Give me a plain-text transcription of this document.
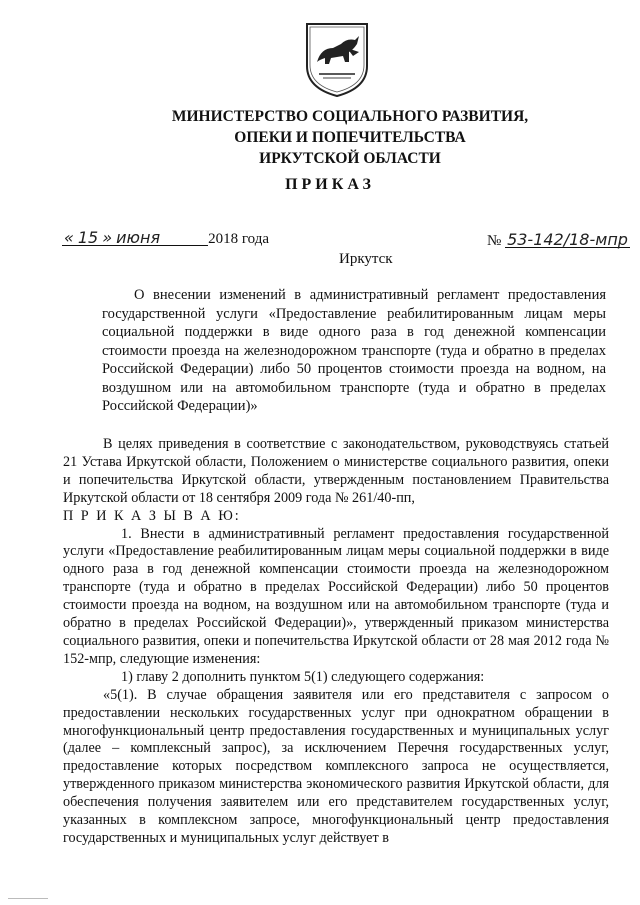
МИНИСТЕРСТВО СОЦИАЛЬНОГО РАЗВИТИЯ,
ОПЕКИ И ПОПЕЧИТЕЛЬСТВА
ИРКУТСКОЙ ОБЛАСТИ
ПРИКАЗ
« 15 » июня	2018 года
Иркутск
№ 53-142/18-мпр

О внесении изменений в административный регламент предоставления государственной услуги «Предоставление реабилитированным лицам меры социальной поддержки в виде одного раза в год денежной компенсации стоимости проезда на железнодорожном транспорте (туда и обратно в пределах Российской Федерации) либо 50 процентов стоимости проезда на водном, на воздушном или на автомобильном транспорте (туда и обратно в пределах Российской Федерации)»

В целях приведения в соответствие с законодательством, руководствуясь статьей 21 Устава Иркутской области, Положением о министерстве социального развития, опеки и попечительства Иркутской области, утвержденным постановлением Правительства Иркутской области от 18 сентября 2009 года № 261/40-пп,

П Р И К А З Ы В А Ю:

1. Внести в административный регламент предоставления государственной услуги «Предоставление реабилитированным лицам меры социальной поддержки в виде одного раза в год денежной компенсации стоимости проезда на железнодорожном транспорте (туда и обратно в пределах Российской Федерации) либо 50 процентов стоимости проезда на водном, на воздушном или на автомобильном транспорте (туда и обратно в пределах Российской Федерации)», утвержденный приказом министерства социального развития, опеки и попечительства Иркутской области от 28 мая 2012 года № 152-мпр, следующие изменения:

1) главу 2 дополнить пунктом 5(1) следующего содержания:

«5(1). В случае обращения заявителя или его представителя с запросом о предоставлении нескольких государственных услуг при однократном обращении в многофункциональный центр предоставления государственных и муниципальных услуг (далее – комплексный запрос), за исключением Перечня государственных услуг, предоставление которых посредством комплексного запроса не осуществляется, утвержденного приказом министерства экономического развития Иркутской области, для обеспечения получения заявителем или его представителем государственных услуг, указанных в комплексном запросе, многофункциональный центр предоставления государственных и муниципальных услуг действует в
